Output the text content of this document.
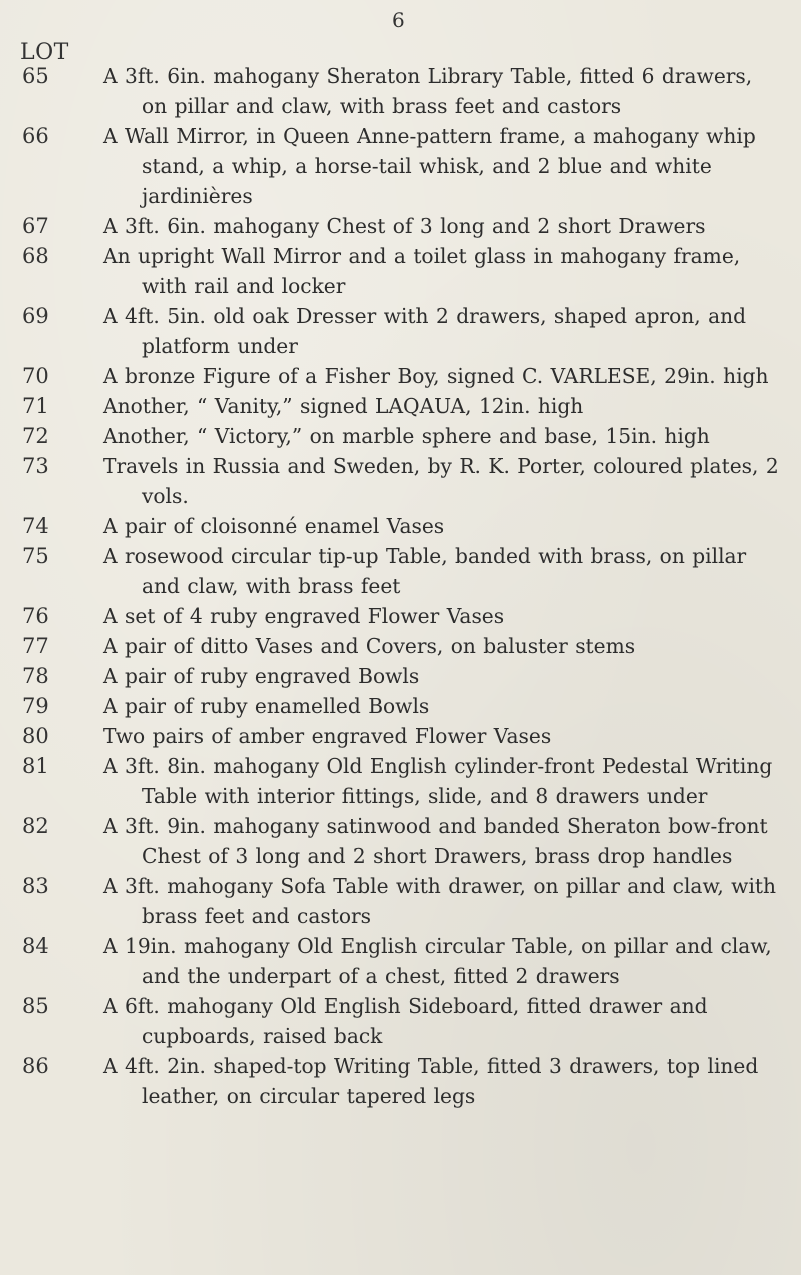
6
LOT
65	A 3ft. 6in. mahogany Sheraton Library Table, fitted 6 drawers, on pillar and claw, with brass feet and castors
66	A Wall Mirror, in Queen Anne-pattern frame, a mahogany whip stand, a whip, a horse-tail whisk, and 2 blue and white jardinières
67	A 3ft. 6in. mahogany Chest of 3 long and 2 short Drawers
68	An upright Wall Mirror and a toilet glass in mahogany frame, with rail and locker
69	A 4ft. 5in. old oak Dresser with 2 drawers, shaped apron, and platform under
70	A bronze Figure of a Fisher Boy, signed C. VARLESE, 29in. high
71	Another, “ Vanity,” signed LAQAUA, 12in. high
72	Another, “ Victory,” on marble sphere and base, 15in. high
73	Travels in Russia and Sweden, by R. K. Porter, coloured plates, 2 vols.
74	A pair of cloisonné enamel Vases
75	A rosewood circular tip-up Table, banded with brass, on pillar and claw, with brass feet
76	A set of 4 ruby engraved Flower Vases
77	A pair of ditto Vases and Covers, on baluster stems
78	A pair of ruby engraved Bowls
79	A pair of ruby enamelled Bowls
80	Two pairs of amber engraved Flower Vases
81	A 3ft. 8in. mahogany Old English cylinder-front Pedestal Writing Table with interior fittings, slide, and 8 drawers under
82	A 3ft. 9in. mahogany satinwood and banded Sheraton bow-front Chest of 3 long and 2 short Drawers, brass drop handles
83	A 3ft. mahogany Sofa Table with drawer, on pillar and claw, with brass feet and castors
84	A 19in. mahogany Old English circular Table, on pillar and claw, and the underpart of a chest, fitted 2 drawers
85	A 6ft. mahogany Old English Sideboard, fitted drawer and cupboards, raised back
86	A 4ft. 2in. shaped-top Writing Table, fitted 3 drawers, top lined leather, on circular tapered legs
